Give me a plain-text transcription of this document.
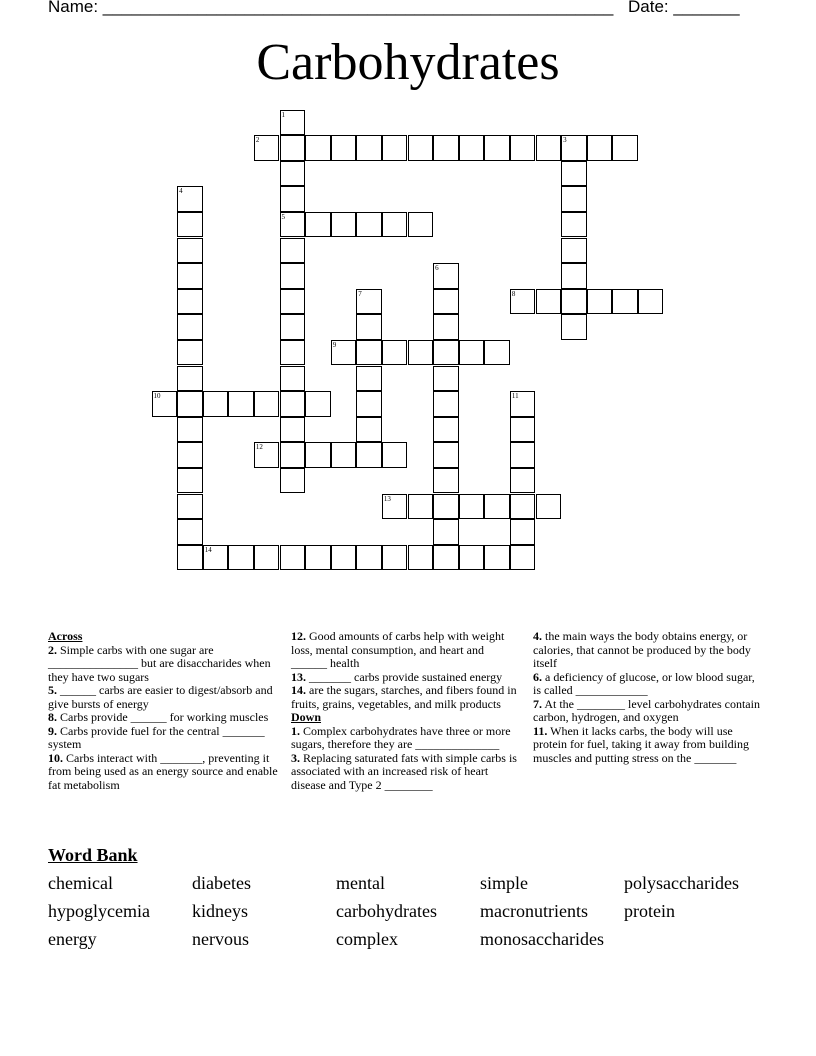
Name: ______________________________________________________ Date: _______
Carbohydrates
1
5
2	3
4
6
7	8
9
10	11
12
13
14
Across
2. Simple carbs with one sugar are _______________ but are disaccharides when they have two sugars
5. ______ carbs are easier to digest/absorb and give bursts of energy
8. Carbs provide ______ for working muscles
9. Carbs provide fuel for the central _______ system
10. Carbs interact with _______, preventing it from being used as an energy source and enable fat metabolism
12. Good amounts of carbs help with weight loss, mental consumption, and heart and ______ health
13. _______ carbs provide sustained energy
14. are the sugars, starches, and fibers found in fruits, grains, vegetables, and milk products
Down
1. Complex carbohydrates have three or more sugars, therefore they are ______________
3. Replacing saturated fats with simple carbs is associated with an increased risk of heart disease and Type 2 ________
4. the main ways the body obtains energy, or calories, that cannot be produced by the body itself
6. a deficiency of glucose, or low blood sugar, is called ____________
7. At the ________ level carbohydrates contain carbon, hydrogen, and oxygen
11. When it lacks carbs, the body will use protein for fuel, taking it away from building muscles and putting stress on the _______
Word Bank
chemical	diabetes	mental	simple	polysaccharides
hypoglycemia	kidneys	carbohydrates	macronutrients	protein
energy	nervous	complex	monosaccharides
